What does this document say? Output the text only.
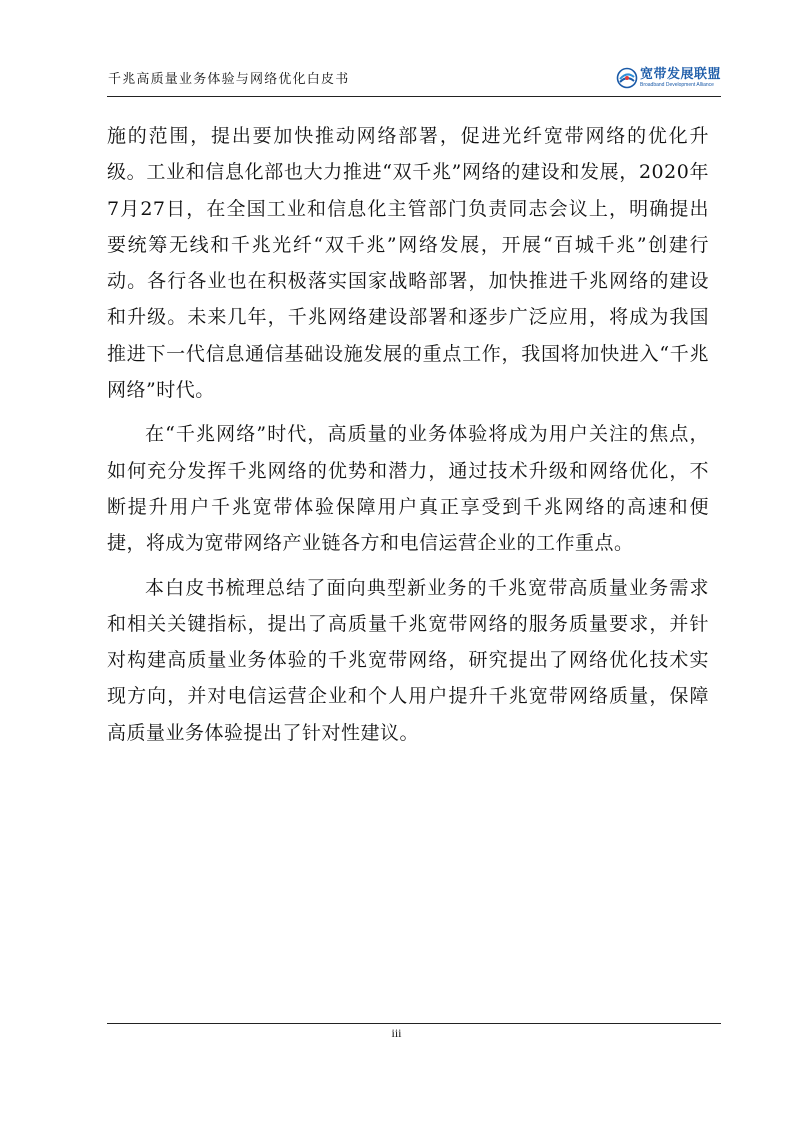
千兆高质量业务体验与网络优化白皮书	宽带发展联盟
Broadband Development Alliance

施的范围，提出要加快推动网络部署，促进光纤宽带网络的优化升级。工业和信息化部也大力推进“双千兆”网络的建设和发展，2020年7月27日，在全国工业和信息化主管部门负责同志会议上，明确提出要统筹无线和千兆光纤“双千兆”网络发展，开展“百城千兆”创建行动。各行各业也在积极落实国家战略部署，加快推进千兆网络的建设和升级。未来几年，千兆网络建设部署和逐步广泛应用，将成为我国推进下一代信息通信基础设施发展的重点工作，我国将加快进入“千兆网络”时代。

在“千兆网络”时代，高质量的业务体验将成为用户关注的焦点，如何充分发挥千兆网络的优势和潜力，通过技术升级和网络优化，不断提升用户千兆宽带体验保障用户真正享受到千兆网络的高速和便捷，将成为宽带网络产业链各方和电信运营企业的工作重点。

本白皮书梳理总结了面向典型新业务的千兆宽带高质量业务需求和相关关键指标，提出了高质量千兆宽带网络的服务质量要求，并针对构建高质量业务体验的千兆宽带网络，研究提出了网络优化技术实现方向，并对电信运营企业和个人用户提升千兆宽带网络质量，保障高质量业务体验提出了针对性建议。

iii
